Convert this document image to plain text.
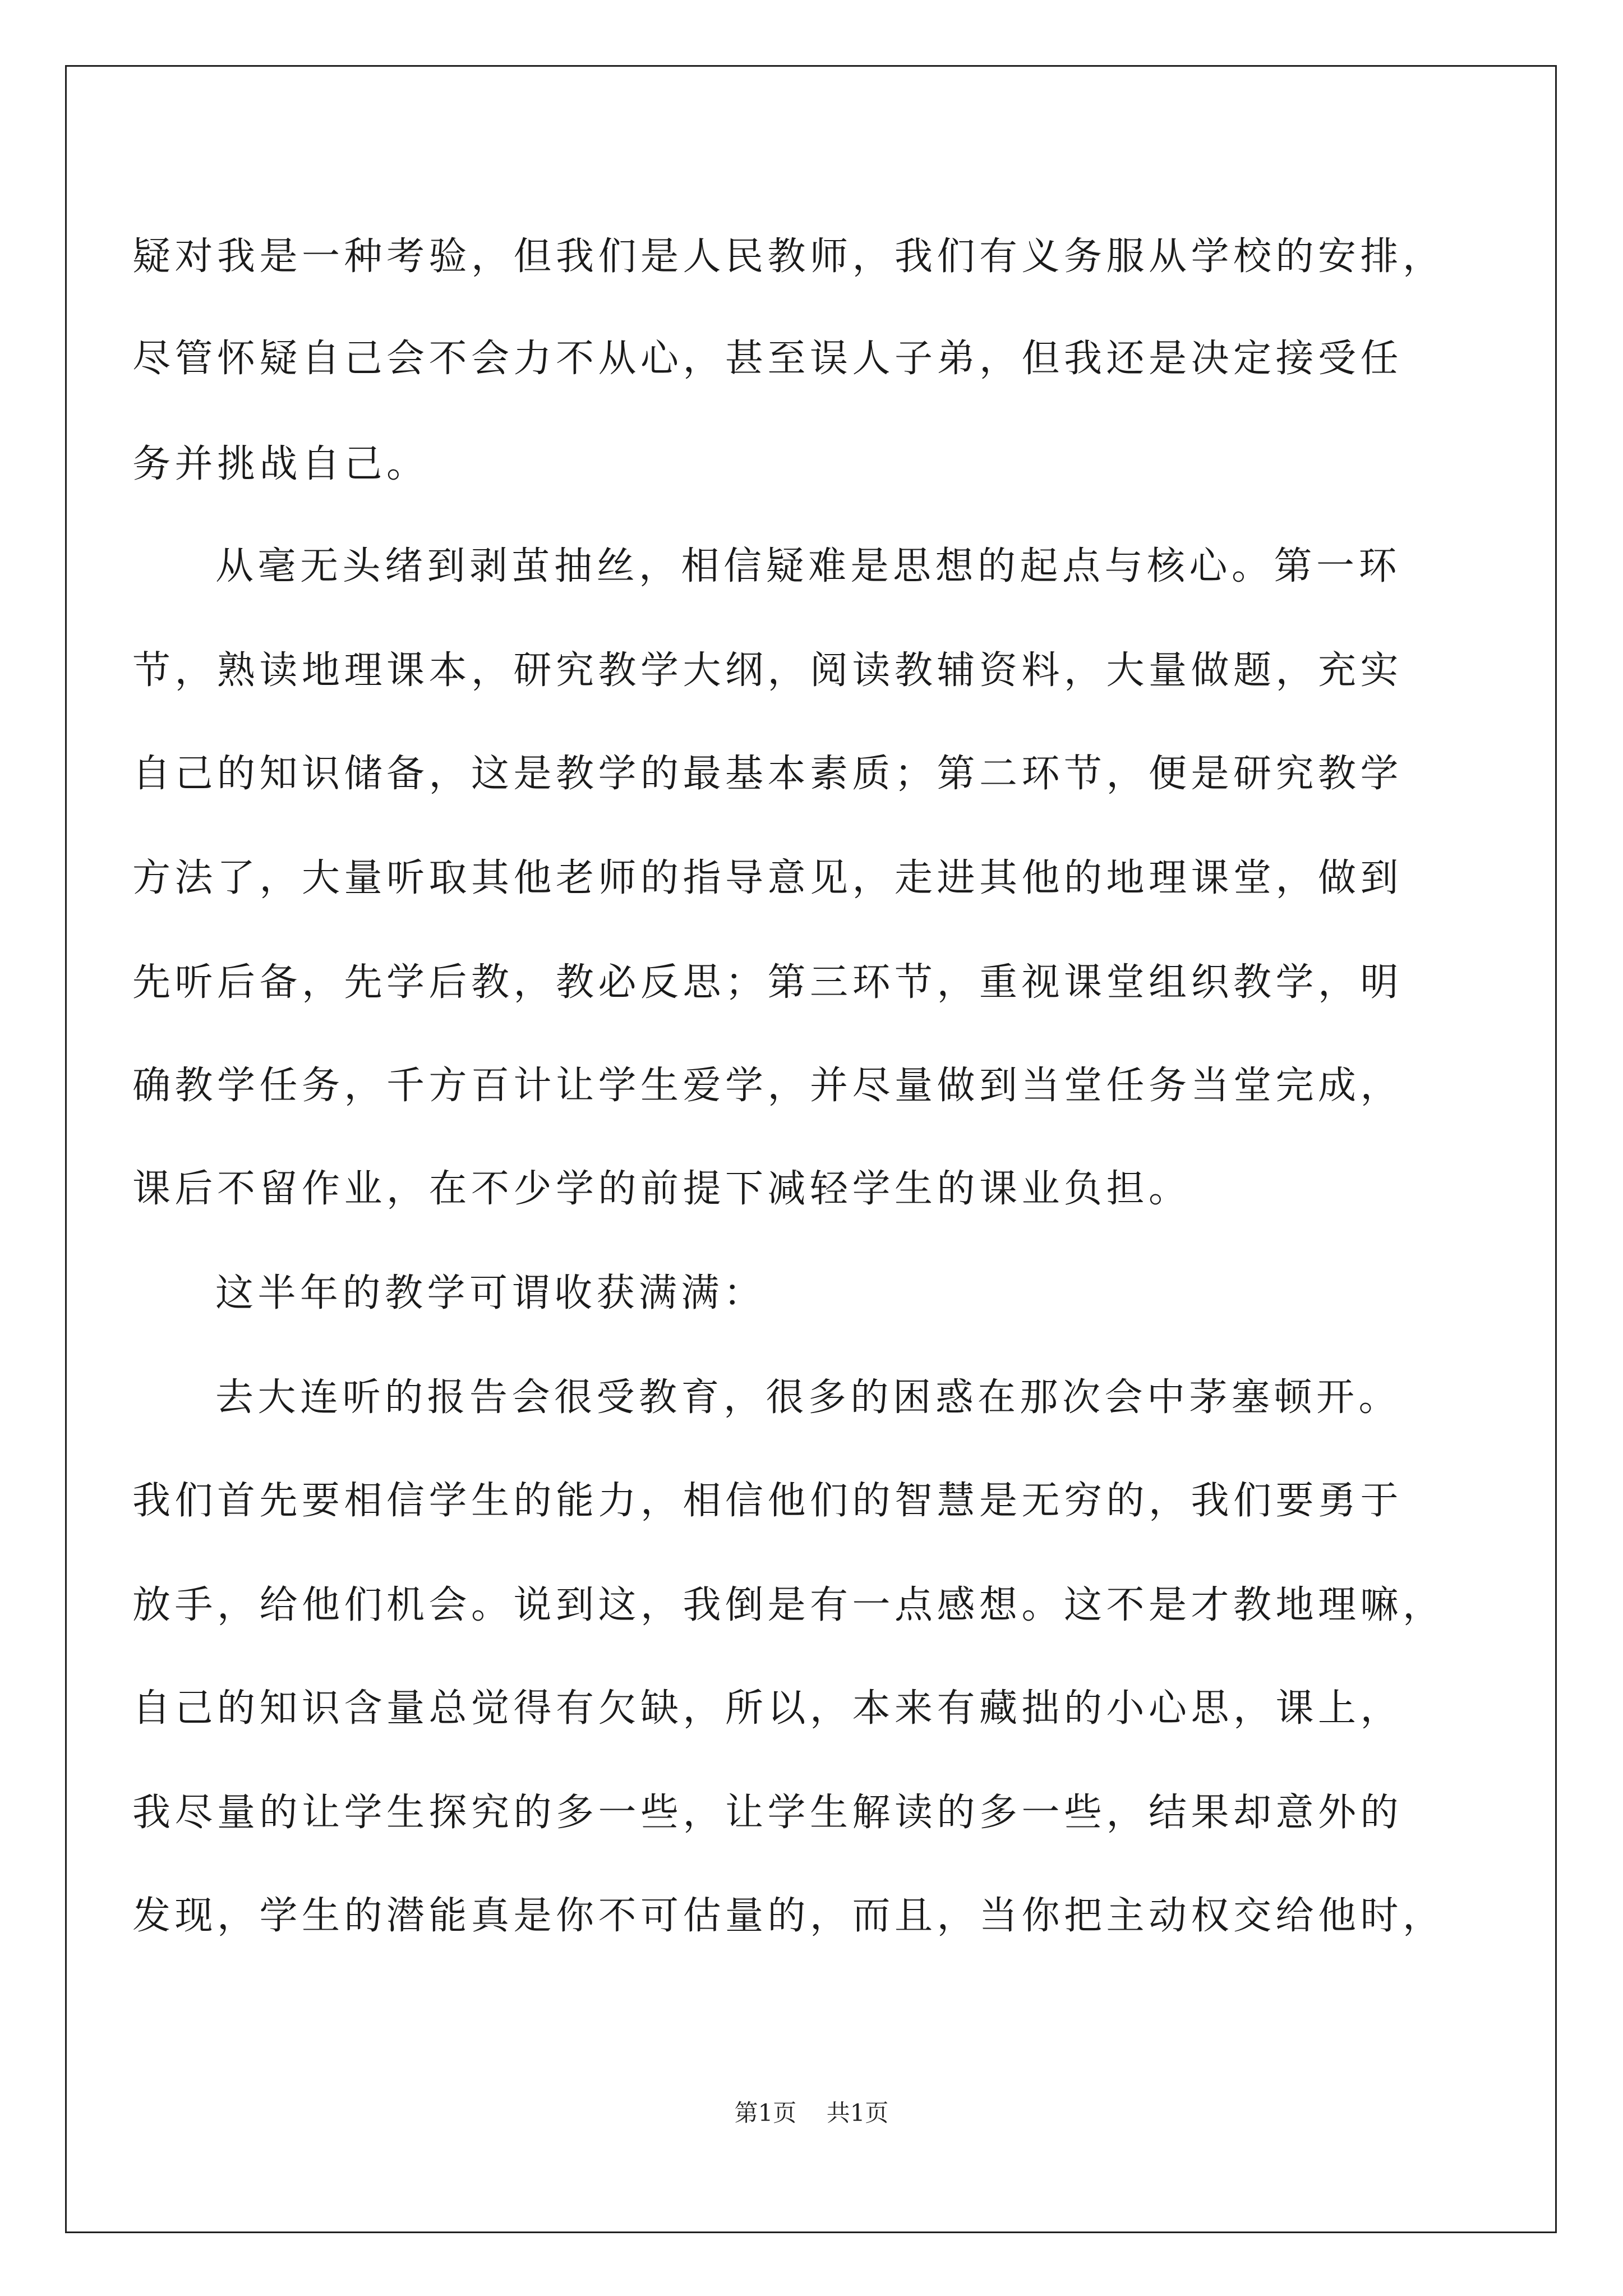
疑对我是一种考验，但我们是人民教师，我们有义务服从学校的安排，
尽管怀疑自己会不会力不从心，甚至误人子弟，但我还是决定接受任
务并挑战自己。
从毫无头绪到剥茧抽丝，相信疑难是思想的起点与核心。第一环
节，熟读地理课本，研究教学大纲，阅读教辅资料，大量做题，充实
自己的知识储备，这是教学的最基本素质；第二环节，便是研究教学
方法了，大量听取其他老师的指导意见，走进其他的地理课堂，做到
先听后备，先学后教，教必反思；第三环节，重视课堂组织教学，明
确教学任务，千方百计让学生爱学，并尽量做到当堂任务当堂完成，
课后不留作业，在不少学的前提下减轻学生的课业负担。
这半年的教学可谓收获满满：
去大连听的报告会很受教育，很多的困惑在那次会中茅塞顿开。
我们首先要相信学生的能力，相信他们的智慧是无穷的，我们要勇于
放手，给他们机会。说到这，我倒是有一点感想。这不是才教地理嘛，
自己的知识含量总觉得有欠缺，所以，本来有藏拙的小心思，课上，
我尽量的让学生探究的多一些，让学生解读的多一些，结果却意外的
发现，学生的潜能真是你不可估量的，而且，当你把主动权交给他时，
第1页 共1页
